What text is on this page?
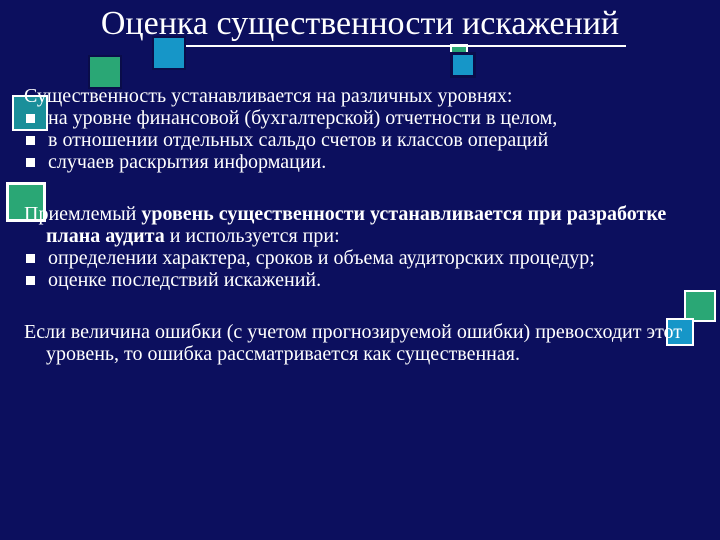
Оценка существенности искажений

Существенность устанавливается на различных уровнях:

на уровне финансовой (бухгалтерской) отчетности в целом,

в отношении отдельных сальдо счетов и классов операций

случаев раскрытия информации.

Приемлемый уровень существенности устанавливается при разработке плана аудита и используется при:

определении характера, сроков и объема аудиторских процедур;

оценке последствий искажений.

Если величина ошибки (с учетом прогнозируемой ошибки) превосходит этот уровень, то ошибка рассматривается как существенная.
